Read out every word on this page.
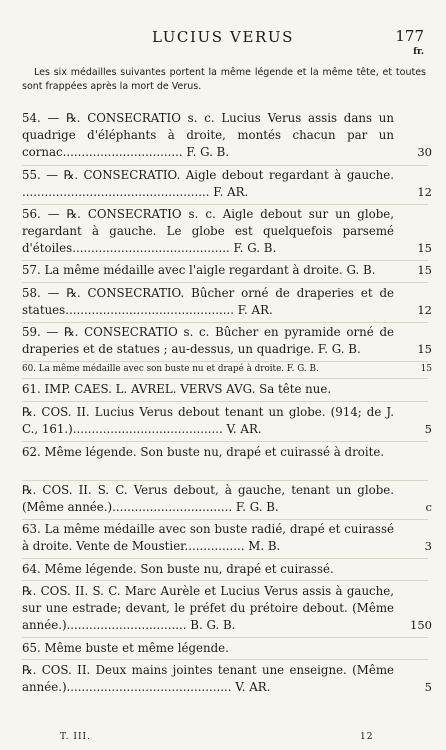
LUCIUS VERUS	177
fr.
Les six médailles suivantes portent la même légende et la même tête, et toutes sont frappées après la mort de Verus.
54. — ℞. CONSECRATIO s. c. Lucius Verus assis dans un quadrige d'éléphants à droite, montés chacun par un cornac................................ F. G. B.	30
55. — ℞. CONSECRATIO. Aigle debout regardant à gauche. .................................................. F. AR.	12
56. — ℞. CONSECRATIO s. c. Aigle debout sur un globe, regardant à gauche. Le globe est quelquefois parsemé d'étoiles.......................................... F. G. B.	15
57. La même médaille avec l'aigle regardant à droite. G. B.	15
58. — ℞. CONSECRATIO. Bûcher orné de draperies et de statues............................................. F. AR.	12
59. — ℞. CONSECRATIO s. c. Bûcher en pyramide orné de draperies et de statues ; au-dessus, un quadrige. F. G. B.	15
60. La même médaille avec son buste nu et drapé à droite. F. G. B.	15
61. IMP. CAES. L. AVREL. VERVS AVG. Sa tête nue.
℞. COS. II. Lucius Verus debout tenant un globe. (914; de J. C., 161.)........................................ V. AR.	5
62. Même légende. Son buste nu, drapé et cuirassé à droite.
℞. COS. II. S. C. Verus debout, à gauche, tenant un globe. (Même année.)................................ F. G. B.	c
63. La même médaille avec son buste radié, drapé et cuirassé à droite. Vente de Moustier................ M. B.	3
64. Même légende. Son buste nu, drapé et cuirassé.
℞. COS. II. S. C. Marc Aurèle et Lucius Verus assis à gauche, sur une estrade; devant, le préfet du prétoire debout. (Même année.)................................ B. G. B.	150
65. Même buste et même légende.
℞. COS. II. Deux mains jointes tenant une enseigne. (Même année.)............................................ V. AR.	5
T. III.	12
